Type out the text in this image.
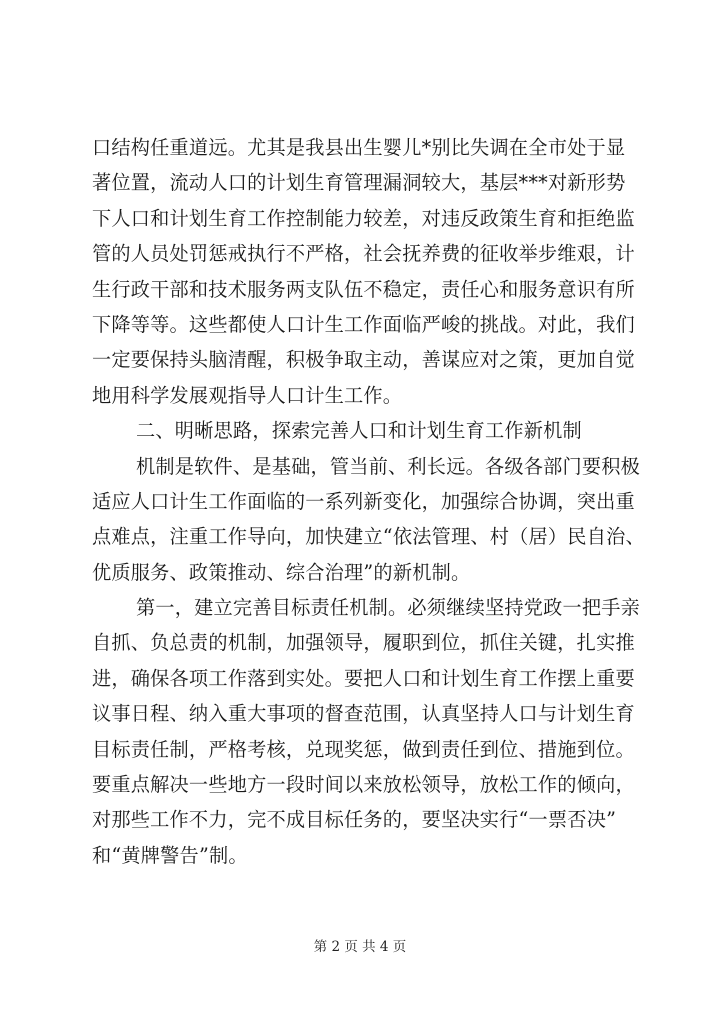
口结构任重道远。尤其是我县出生婴儿*别比失调在全市处于显
著位置，流动人口的计划生育管理漏洞较大，基层***对新形势
下人口和计划生育工作控制能力较差，对违反政策生育和拒绝监
管的人员处罚惩戒执行不严格，社会抚养费的征收举步维艰，计
生行政干部和技术服务两支队伍不稳定，责任心和服务意识有所
下降等等。这些都使人口计生工作面临严峻的挑战。对此，我们
一定要保持头脑清醒，积极争取主动，善谋应对之策，更加自觉
地用科学发展观指导人口计生工作。
二、明晰思路，探索完善人口和计划生育工作新机制
机制是软件、是基础，管当前、利长远。各级各部门要积极
适应人口计生工作面临的一系列新变化，加强综合协调，突出重
点难点，注重工作导向，加快建立“依法管理、村（居）民自治、
优质服务、政策推动、综合治理”的新机制。
第一，建立完善目标责任机制。必须继续坚持党政一把手亲
自抓、负总责的机制，加强领导，履职到位，抓住关键，扎实推
进，确保各项工作落到实处。要把人口和计划生育工作摆上重要
议事日程、纳入重大事项的督查范围，认真坚持人口与计划生育
目标责任制，严格考核，兑现奖惩，做到责任到位、措施到位。
要重点解决一些地方一段时间以来放松领导，放松工作的倾向，
对那些工作不力，完不成目标任务的，要坚决实行“一票否决”
和“黄牌警告”制。
第 2 页 共 4 页
